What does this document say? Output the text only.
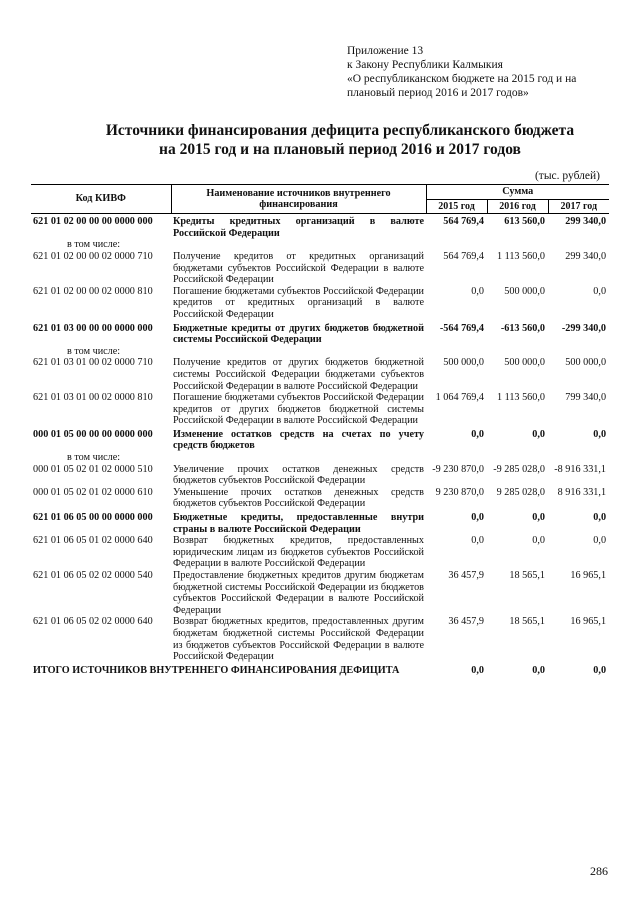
Приложение 13
к Закону Республики Калмыкия
«О республиканском бюджете на 2015 год и на
плановый период 2016 и 2017 годов»
Источники финансирования дефицита республиканского бюджета
на 2015 год и на плановый период 2016 и 2017 годов
(тыс. рублей)
Код КИВФ	Наименование источников внутреннего финансирования	Сумма		
		2015 год	2016 год	2017 год
621 01 02 00 00 00 0000 000	Кредиты кредитных организаций в валюте Российской Федерации	564 769,4	613 560,0	299 340,0
в том числе:				
621 01 02 00 00 02 0000 710	Получение кредитов от кредитных организаций бюджетами субъектов Российской Федерации в валюте Российской Федерации	564 769,4	1 113 560,0	299 340,0
621 01 02 00 00 02 0000 810	Погашение бюджетами субъектов Российской Федерации кредитов от кредитных организаций в валюте Российской Федерации	0,0	500 000,0	0,0
621 01 03 00 00 00 0000 000	Бюджетные кредиты от других бюджетов бюджетной системы Российской Федерации	-564 769,4	-613 560,0	-299 340,0
в том числе:				
621 01 03 01 00 02 0000 710	Получение кредитов от других бюджетов бюджетной системы Российской Федерации бюджетами субъектов Российской Федерации в валюте Российской Федерации	500 000,0	500 000,0	500 000,0
621 01 03 01 00 02 0000 810	Погашение бюджетами субъектов Российской Федерации кредитов от других бюджетов бюджетной системы Российской Федерации в валюте Российской Федерации	1 064 769,4	1 113 560,0	799 340,0
000 01 05 00 00 00 0000 000	Изменение остатков средств на счетах по учету средств бюджетов	0,0	0,0	0,0
в том числе:				
000 01 05 02 01 02 0000 510	Увеличение прочих остатков денежных средств бюджетов субъектов Российской Федерации	-9 230 870,0	-9 285 028,0	-8 916 331,1
000 01 05 02 01 02 0000 610	Уменьшение прочих остатков денежных средств бюджетов субъектов Российской Федерации	9 230 870,0	9 285 028,0	8 916 331,1
621 01 06 05 00 00 0000 000	Бюджетные кредиты, предоставленные внутри страны в валюте Российской Федерации	0,0	0,0	0,0
621 01 06 05 01 02 0000 640	Возврат бюджетных кредитов, предоставленных юридическим лицам из бюджетов субъектов Российской Федерации в валюте Российской Федерации	0,0	0,0	0,0
621 01 06 05 02 02 0000 540	Предоставление бюджетных кредитов другим бюджетам бюджетной системы Российской Федерации из бюджетов субъектов Российской Федерации в валюте Российской Федерации	36 457,9	18 565,1	16 965,1
621 01 06 05 02 02 0000 640	Возврат бюджетных кредитов, предоставленных другим бюджетам бюджетной системы Российской Федерации из бюджетов субъектов Российской Федерации в валюте Российской Федерации	36 457,9	18 565,1	16 965,1
ИТОГО ИСТОЧНИКОВ ВНУТРЕННЕГО ФИНАНСИРОВАНИЯ ДЕФИЦИТА		0,0	0,0	0,0
286
